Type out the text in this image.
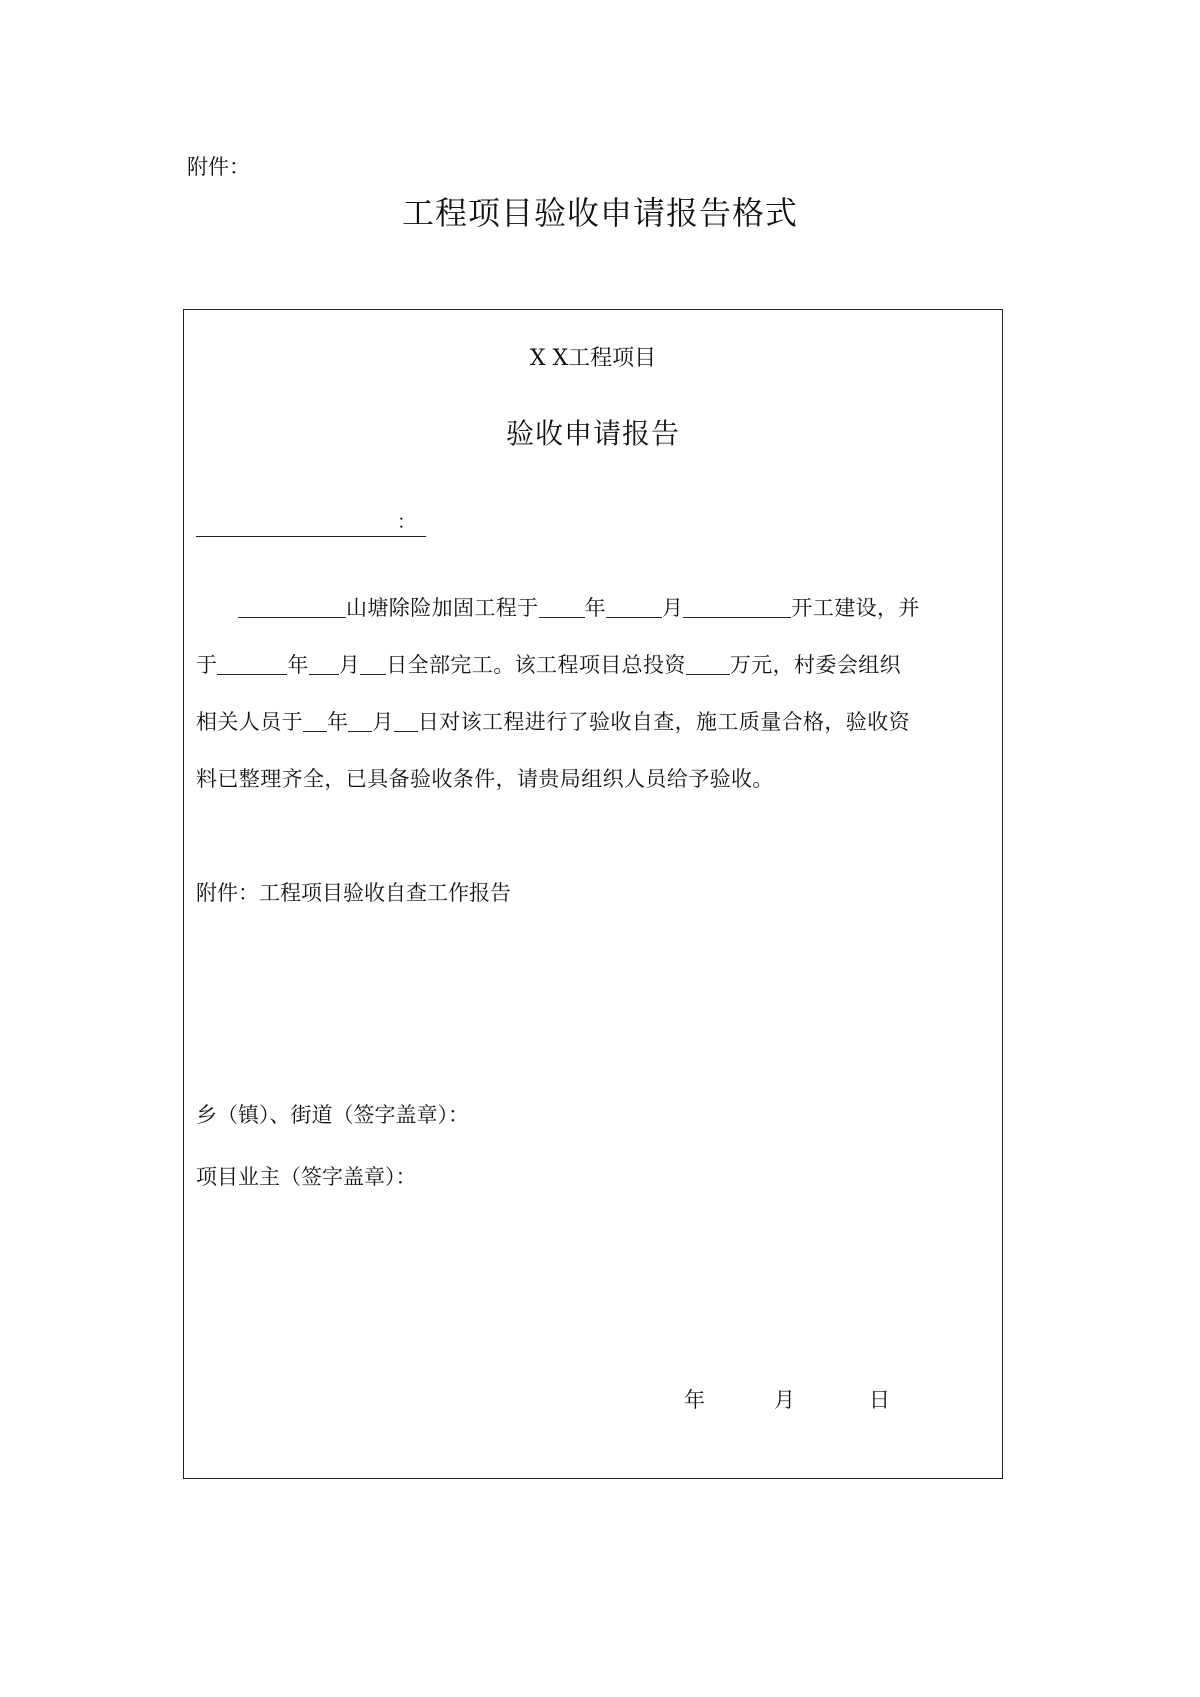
附件：
工程项目验收申请报告格式
X X工程项目
验收申请报告
：
山塘除险加固工程于 年	月	开工建设，并
于	年 月 日全部完工。该工程项目总投资 万元，村委会组织
相关人员于 年 月 日对该工程进行了验收自查，施工质量合格，验收资
料已整理齐全，已具备验收条件，请贵局组织人员给予验收。
附件：工程项目验收自查工作报告
乡（镇）、街道（签字盖章）：
项目业主（签字盖章）：
年	月	日
